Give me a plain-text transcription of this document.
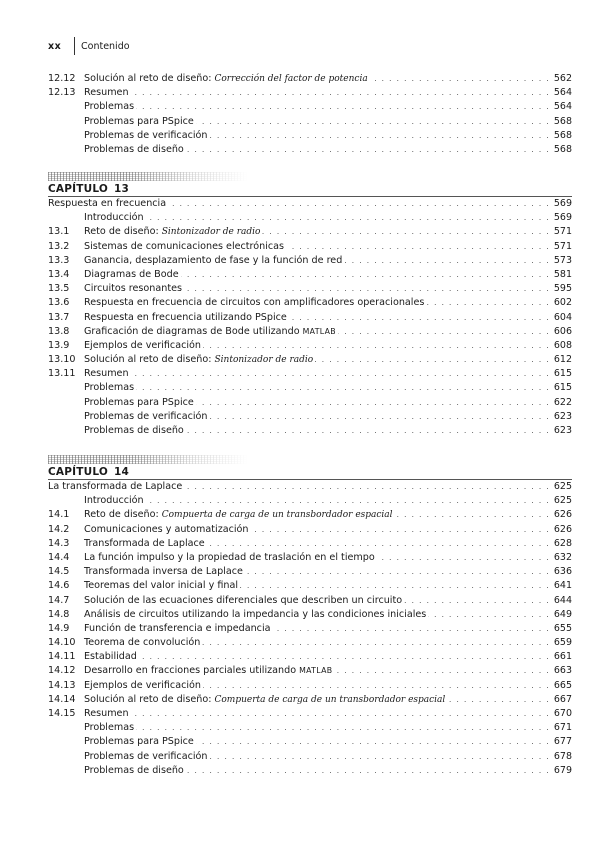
xx	Contenido
12.12 Solución al reto de diseño: Corrección del factor de potencia . . .	562
12.13 Resumen . . .	564
Problemas . . .	564
Problemas para PSpice . . .	568
Problemas de verificación . . .	568
Problemas de diseño . . .	568
CAPÍTULO 13
Respuesta en frecuencia . . .	569
Introducción . . .	569
13.1	Reto de diseño: Sintonizador de radio . . .	571
13.2	Sistemas de comunicaciones electrónicas . . .	571
13.3	Ganancia, desplazamiento de fase y la función de red . . .	573
13.4	Diagramas de Bode . . .	581
13.5	Circuitos resonantes . . .	595
13.6	Respuesta en frecuencia de circuitos con amplificadores operacionales . . .	602
13.7	Respuesta en frecuencia utilizando PSpice . . .	604
13.8	Graficación de diagramas de Bode utilizando MATLAB . . .	606
13.9	Ejemplos de verificación . . .	608
13.10 Solución al reto de diseño: Sintonizador de radio . . .	612
13.11 Resumen . . .	615
Problemas . . .	615
Problemas para PSpice . . .	622
Problemas de verificación . . .	623
Problemas de diseño . . .	623
CAPÍTULO 14
La transformada de Laplace . . .	625
Introducción . . .	625
14.1	Reto de diseño: Compuerta de carga de un transbordador espacial . . .	626
14.2	Comunicaciones y automatización . . .	626
14.3	Transformada de Laplace . . .	628
14.4	La función impulso y la propiedad de traslación en el tiempo . . .	632
14.5	Transformada inversa de Laplace . . .	636
14.6	Teoremas del valor inicial y final . . .	641
14.7	Solución de las ecuaciones diferenciales que describen un circuito . . .	644
14.8	Análisis de circuitos utilizando la impedancia y las condiciones iniciales . . .	649
14.9	Función de transferencia e impedancia . . .	655
14.10 Teorema de convolución . . .	659
14.11 Estabilidad . . .	661
14.12 Desarrollo en fracciones parciales utilizando MATLAB . . .	663
14.13 Ejemplos de verificación . . .	665
14.14 Solución al reto de diseño: Compuerta de carga de un transbordador espacial . . .	667
14.15 Resumen . . .	670
Problemas . . .	671
Problemas para PSpice . . .	677
Problemas de verificación . . .	678
Problemas de diseño . . .	679
